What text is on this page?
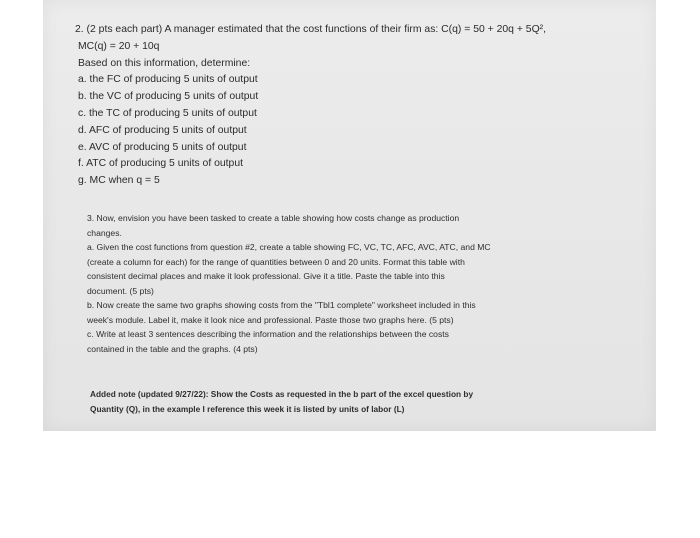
2. (2 pts each part) A manager estimated that the cost functions of their firm as: C(q) = 50 + 20q + 5Q²,
MC(q) = 20 + 10q
Based on this information, determine:
a. the FC of producing 5 units of output
b. the VC of producing 5 units of output
c. the TC of producing 5 units of output
d. AFC of producing 5 units of output
e. AVC of producing 5 units of output
f. ATC of producing 5 units of output
g. MC when q = 5
3. Now, envision you have been tasked to create a table showing how costs change as production
changes.
a. Given the cost functions from question #2, create a table showing FC, VC, TC, AFC, AVC, ATC, and MC
(create a column for each) for the range of quantities between 0 and 20 units. Format this table with
consistent decimal places and make it look professional. Give it a title. Paste the table into this
document. (5 pts)
b. Now create the same two graphs showing costs from the "Tbl1 complete" worksheet included in this
week's module. Label it, make it look nice and professional. Paste those two graphs here. (5 pts)
c. Write at least 3 sentences describing the information and the relationships between the costs
contained in the table and the graphs. (4 pts)
Added note (updated 9/27/22): Show the Costs as requested in the b part of the excel question by
Quantity (Q), in the example I reference this week it is listed by units of labor (L)
